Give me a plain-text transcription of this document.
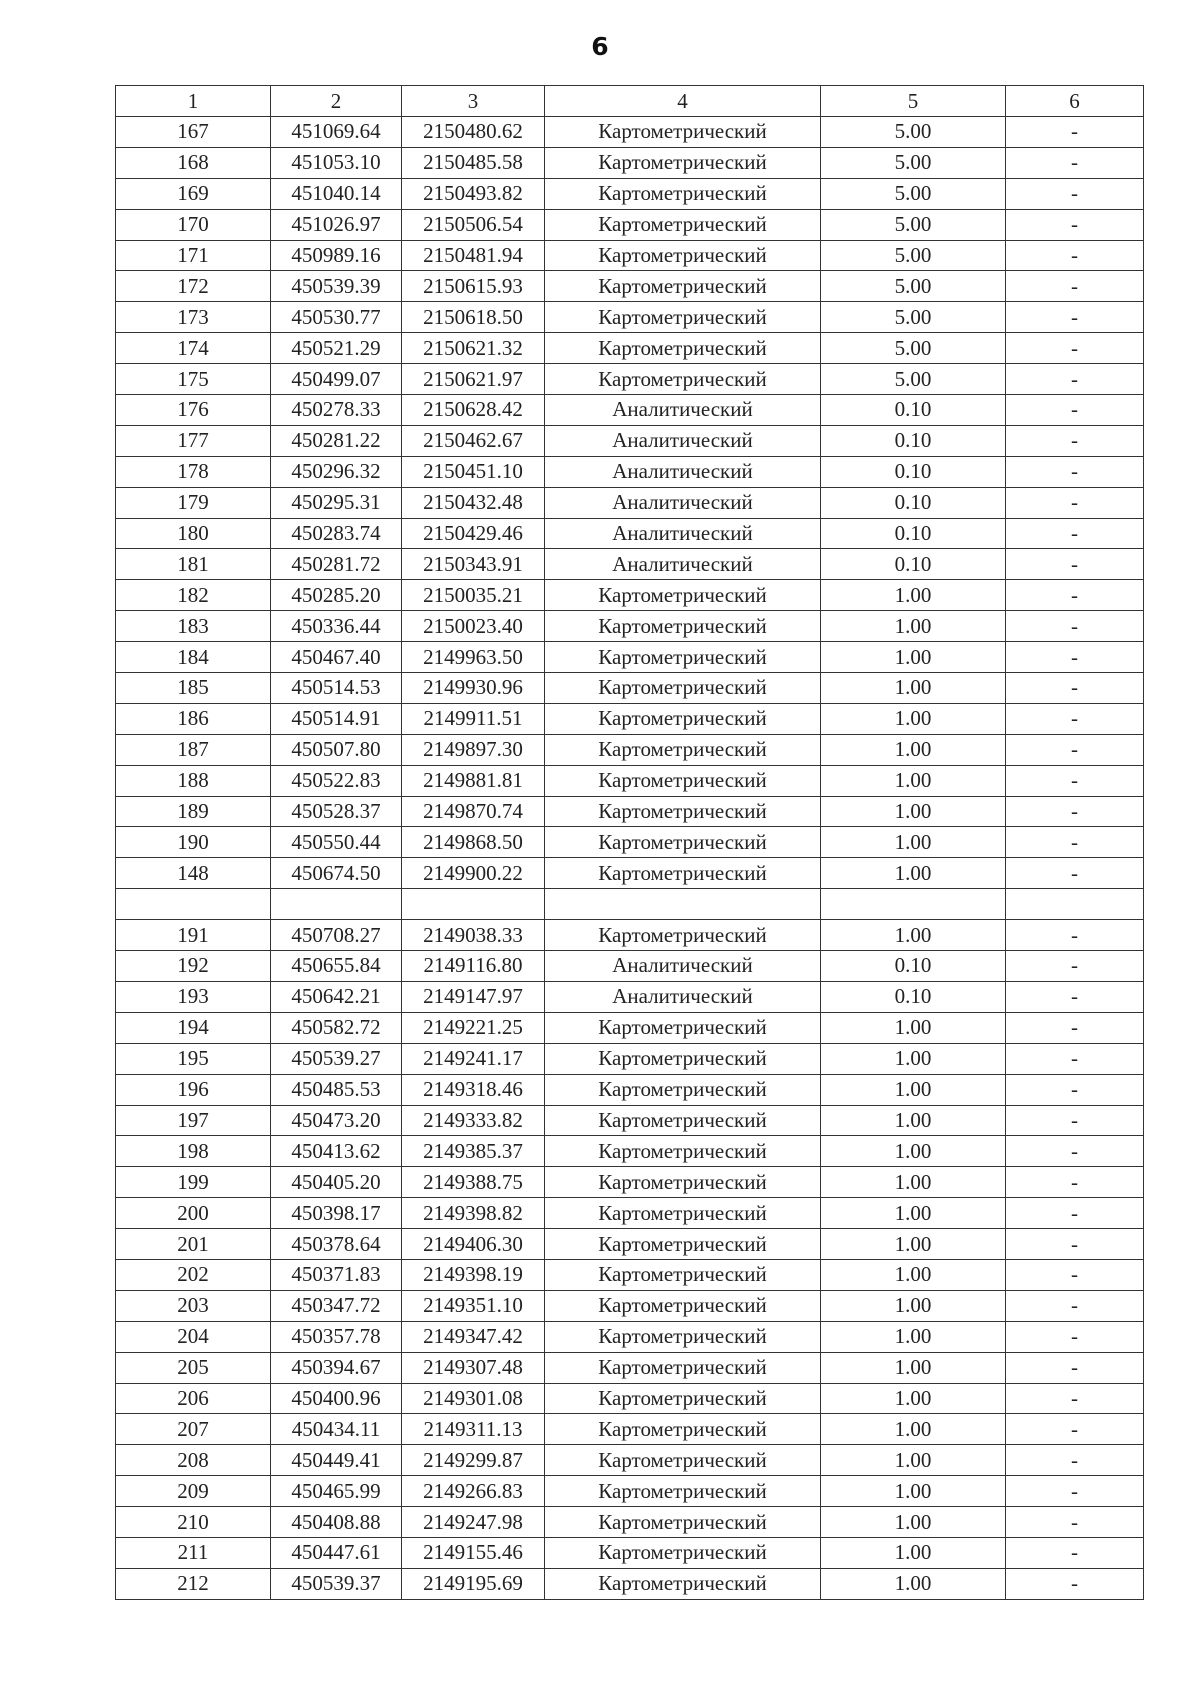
6
1	2	3	4	5	6
167	451069.64	2150480.62	Картометрический	5.00	-
168	451053.10	2150485.58	Картометрический	5.00	-
169	451040.14	2150493.82	Картометрический	5.00	-
170	451026.97	2150506.54	Картометрический	5.00	-
171	450989.16	2150481.94	Картометрический	5.00	-
172	450539.39	2150615.93	Картометрический	5.00	-
173	450530.77	2150618.50	Картометрический	5.00	-
174	450521.29	2150621.32	Картометрический	5.00	-
175	450499.07	2150621.97	Картометрический	5.00	-
176	450278.33	2150628.42	Аналитический	0.10	-
177	450281.22	2150462.67	Аналитический	0.10	-
178	450296.32	2150451.10	Аналитический	0.10	-
179	450295.31	2150432.48	Аналитический	0.10	-
180	450283.74	2150429.46	Аналитический	0.10	-
181	450281.72	2150343.91	Аналитический	0.10	-
182	450285.20	2150035.21	Картометрический	1.00	-
183	450336.44	2150023.40	Картометрический	1.00	-
184	450467.40	2149963.50	Картометрический	1.00	-
185	450514.53	2149930.96	Картометрический	1.00	-
186	450514.91	2149911.51	Картометрический	1.00	-
187	450507.80	2149897.30	Картометрический	1.00	-
188	450522.83	2149881.81	Картометрический	1.00	-
189	450528.37	2149870.74	Картометрический	1.00	-
190	450550.44	2149868.50	Картометрический	1.00	-
148	450674.50	2149900.22	Картометрический	1.00	-

191	450708.27	2149038.33	Картометрический	1.00	-
192	450655.84	2149116.80	Аналитический	0.10	-
193	450642.21	2149147.97	Аналитический	0.10	-
194	450582.72	2149221.25	Картометрический	1.00	-
195	450539.27	2149241.17	Картометрический	1.00	-
196	450485.53	2149318.46	Картометрический	1.00	-
197	450473.20	2149333.82	Картометрический	1.00	-
198	450413.62	2149385.37	Картометрический	1.00	-
199	450405.20	2149388.75	Картометрический	1.00	-
200	450398.17	2149398.82	Картометрический	1.00	-
201	450378.64	2149406.30	Картометрический	1.00	-
202	450371.83	2149398.19	Картометрический	1.00	-
203	450347.72	2149351.10	Картометрический	1.00	-
204	450357.78	2149347.42	Картометрический	1.00	-
205	450394.67	2149307.48	Картометрический	1.00	-
206	450400.96	2149301.08	Картометрический	1.00	-
207	450434.11	2149311.13	Картометрический	1.00	-
208	450449.41	2149299.87	Картометрический	1.00	-
209	450465.99	2149266.83	Картометрический	1.00	-
210	450408.88	2149247.98	Картометрический	1.00	-
211	450447.61	2149155.46	Картометрический	1.00	-
212	450539.37	2149195.69	Картометрический	1.00	-
